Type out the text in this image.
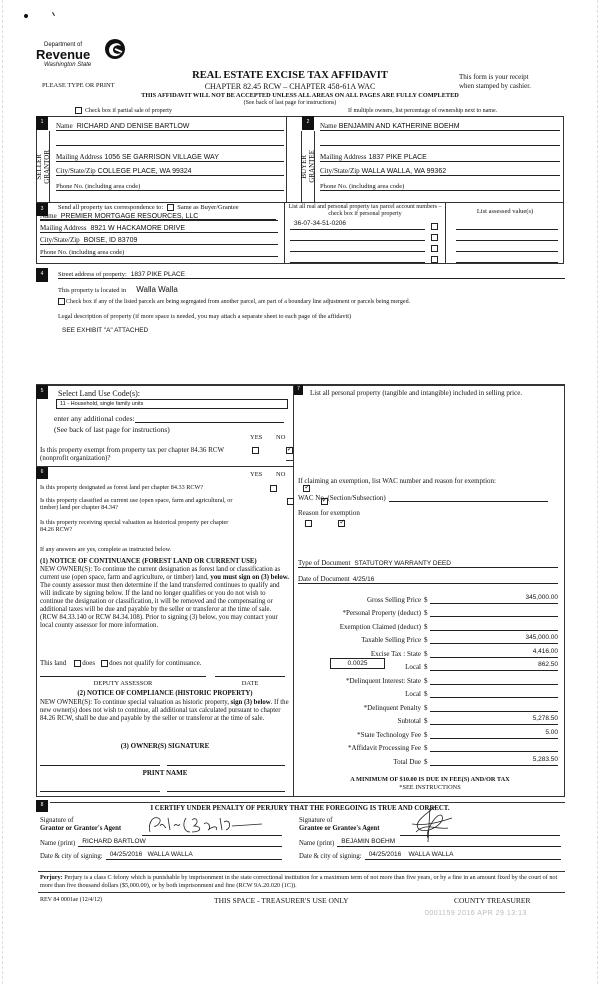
Department of
Revenue
Washington State
PLEASE TYPE OR PRINT
REAL ESTATE EXCISE TAX AFFIDAVIT
CHAPTER 82.45 RCW – CHAPTER 458-61A WAC
This form is your receipt
when stamped by cashier.
THIS AFFIDAVIT WILL NOT BE ACCEPTED UNLESS ALL AREAS ON ALL PAGES ARE FULLY COMPLETED
(See back of last page for instructions)
Check box if partial sale of property	If multiple owners, list percentage of ownership next to name.
1
SELLER
GRANTOR
Name RICHARD AND DENISE BARTLOW
Mailing Address 1056 SE GARRISON VILLAGE WAY
City/State/Zip COLLEGE PLACE, WA 99324
Phone No. (including area code)
2
BUYER
GRANTEE
Name BENJAMIN AND KATHERINE BOEHM
Mailing Address 1837 PIKE PLACE
City/State/Zip WALLA WALLA, WA 99362
Phone No. (including area code)
3	Send all property tax correspondence to: Same as Buyer/Grantee
Name PREMIER MORTGAGE RESOURCES, LLC
Mailing Address 8921 W HACKAMORE DRIVE
City/State/Zip BOISE, ID 83709
Phone No. (including area code)
List all real and personal property tax parcel account numbers – check box if personal property	List assessed value(s)
36-07-34-51-0206
4	Street address of property: 1837 PIKE PLACE
This property is located in Walla Walla
Check box if any of the listed parcels are being segregated from another parcel, are part of a boundary line adjustment or parcels being merged.
Legal description of property (if more space is needed, you may attach a separate sheet to each page of the affidavit)
SEE EXHIBIT "A" ATTACHED
5	Select Land Use Code(s):
11 - Household, single family units
enter any additional codes:
(See back of last page for instructions)
YES NO
Is this property exempt from property tax per chapter 84.36 RCW (nonprofit organization)?
✓
6	YES NO
Is this property designated as forest land per chapter 84.33 RCW?
✓
Is this property classified as current use (open space, farm and agricultural, or timber) land per chapter 84.34?
✓
Is this property receiving special valuation as historical property per chapter 84.26 RCW?
✓
If any answers are yes, complete as instructed below.
(1) NOTICE OF CONTINUANCE (FOREST LAND OR CURRENT USE)
NEW OWNER(S): To continue the current designation as forest land or classification as current use (open space, farm and agriculture, or timber) land, you must sign on (3) below. The county assessor must then determine if the land transferred continues to qualify and will indicate by signing below. If the land no longer qualifies or you do not wish to continue the designation or classification, it will be removed and the compensating or additional taxes will be due and payable by the seller or transferor at the time of sale. (RCW 84.33.140 or RCW 84.34.108). Prior to signing (3) below, you may contact your local county assessor for more information.
This land does does not qualify for continuance.
DEPUTY ASSESSOR	DATE
(2) NOTICE OF COMPLIANCE (HISTORIC PROPERTY)
NEW OWNER(S): To continue special valuation as historic property, sign (3) below. If the new owner(s) does not wish to continue, all additional tax calculated pursuant to chapter 84.26 RCW, shall be due and payable by the seller or transferor at the time of sale.
(3) OWNER(S) SIGNATURE
PRINT NAME
7	List all personal property (tangible and intangible) included in selling price.
If claiming an exemption, list WAC number and reason for exemption:
WAC No. (Section/Subsection)
Reason for exemption
Type of Document STATUTORY WARRANTY DEED
Date of Document 4/25/16
0.0025
Gross Selling Price $	345,000.00
*Personal Property (deduct) $
Exemption Claimed (deduct) $
Taxable Selling Price $	345,000.00
Excise Tax : State $	4,416.00
Local $	862.50
*Delinquent Interest: State $
Local $
*Delinquent Penalty $
Subtotal $	5,278.50
*State Technology Fee $	5.00
*Affidavit Processing Fee $
Total Due $	5,283.50
A MINIMUM OF $10.00 IS DUE IN FEE(S) AND/OR TAX
*SEE INSTRUCTIONS
8	I CERTIFY UNDER PENALTY OF PERJURY THAT THE FOREGOING IS TRUE AND CORRECT.
Signature of
Grantor or Grantor's Agent
Name (print)	RICHARD BARTLOW
Date & city of signing:	04/25/2016   WALLA WALLA
Signature of
Grantee or Grantee's Agent
Name (print)	BEJAMIN BOEHM
Date & city of signing:	04/25/2016    WALLA WALLA
Perjury: Perjury is a class C felony which is punishable by imprisonment in the state correctional institution for a maximum term of not more than five years, or by a fine in an amount fixed by the court of not more than five thousand dollars ($5,000.00), or by both imprisonment and fine (RCW 9A.20.020 (1C)).
REV 84 0001ae (12/4/12)	THIS SPACE - TREASURER'S USE ONLY	COUNTY TREASURER
0001159 2016 APR 29 13:13
